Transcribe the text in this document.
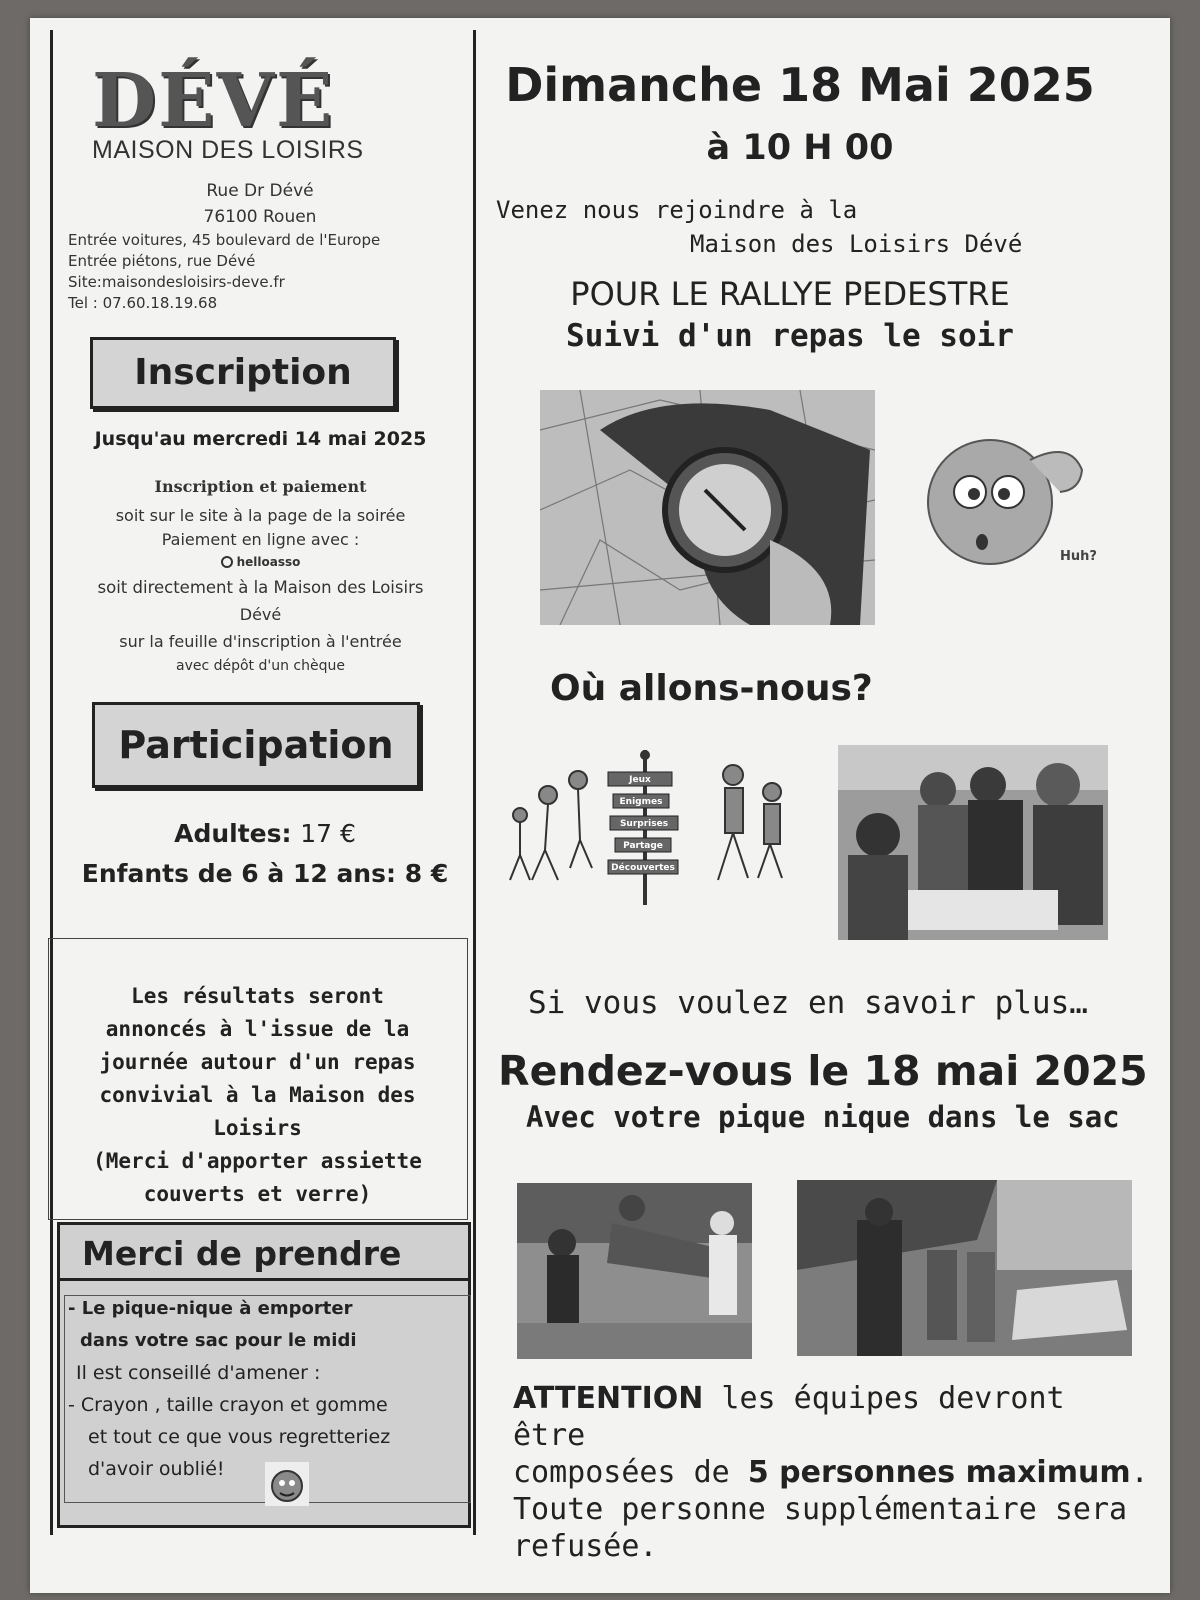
DÉVÉ
MAISON DES LOISIRS
Rue Dr Dévé
76100 Rouen
Entrée voitures, 45 boulevard de l'Europe
Entrée piétons, rue Dévé
Site:maisondesloisirs-deve.fr
Tel : 07.60.18.19.68
Inscription
Jusqu'au mercredi 14 mai 2025
Inscription et paiement
soit sur le site à la page de la soirée
Paiement en ligne avec :
helloasso
soit directement à la Maison des Loisirs
Dévé
sur la feuille d'inscription à l'entrée
avec dépôt d'un chèque
Participation
Adultes: 17 €
Enfants de 6 à 12 ans: 8 €
Les résultats seront
annoncés à l'issue de la
journée autour d'un repas
convivial à la Maison des
Loisirs
(Merci d'apporter assiette
couverts et verre)
Merci de prendre
- Le pique-nique à emporter
dans votre sac pour le midi
Il est conseillé d'amener :
- Crayon , taille crayon et gomme
et tout ce que vous regretteriez
d'avoir oublié!
Dimanche 18 Mai 2025
à 10 H 00
Venez nous rejoindre à la
Maison des Loisirs Dévé
POUR LE RALLYE PEDESTRE
Suivi d'un repas le soir
Huh?
Où allons-nous?
Jeux
Enigmes
Surprises
Partage
Découvertes
Si vous voulez en savoir plus…
Rendez-vous le 18 mai 2025
Avec votre pique nique dans le sac
ATTENTION les équipes devront être
composées de 5 personnes maximum.
Toute personne supplémentaire sera
refusée.
